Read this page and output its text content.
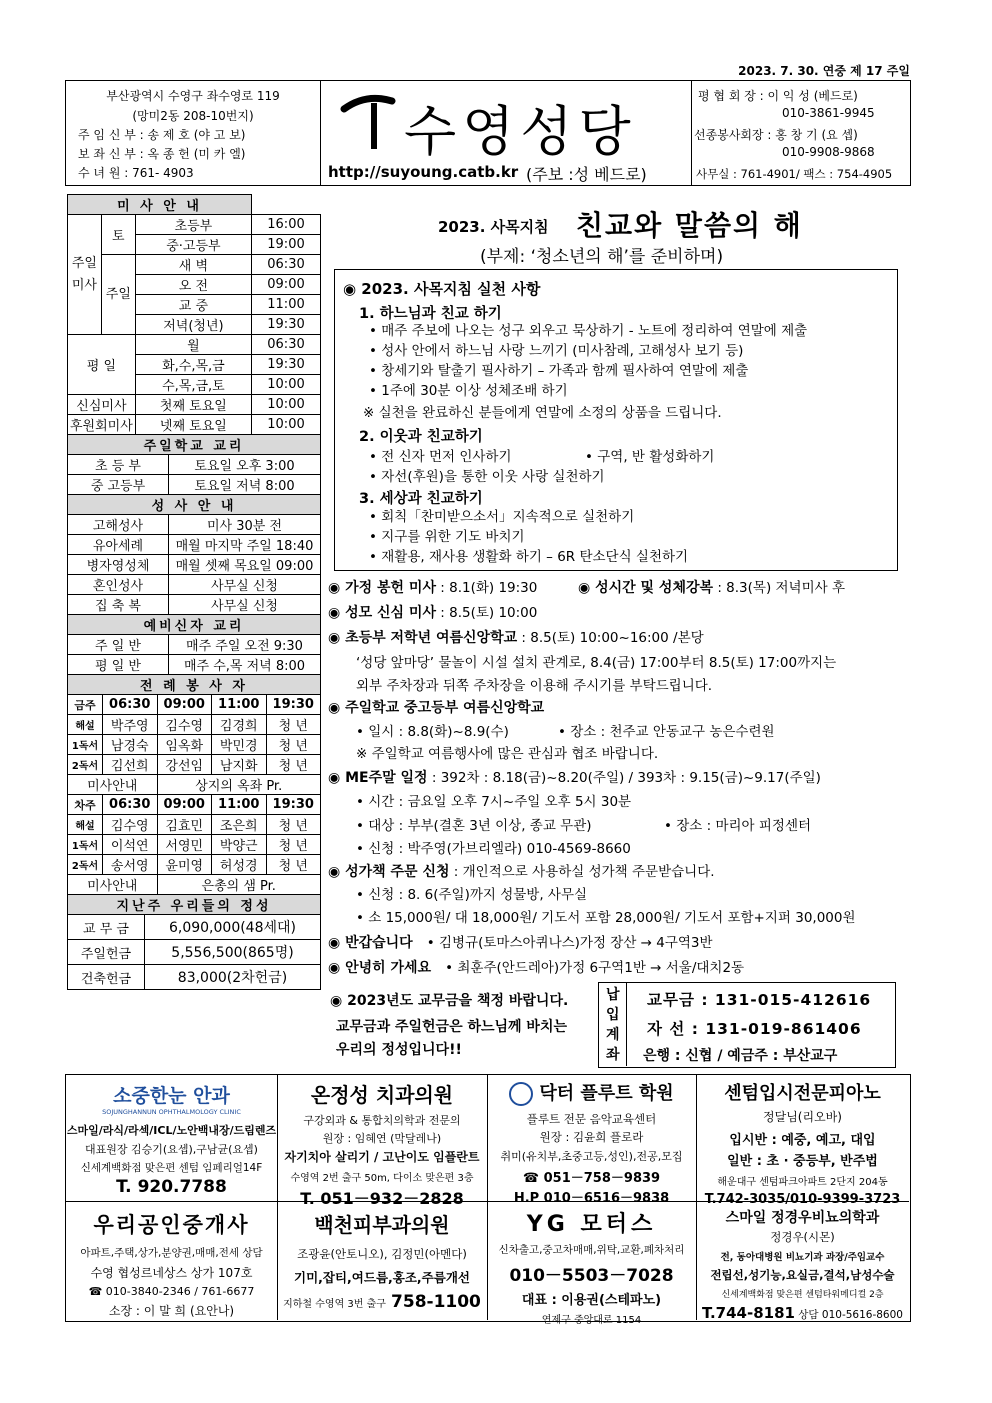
2023. 7. 30. 연중 제 17 주일
부산광역시 수영구 좌수영로 119
(망미2동 208-10번지)
주 임 신 부 : 송 제 호 (야 고 보)
보 좌 신 부 : 옥 종 헌 (미 카 엘)
수 녀 원 : 761- 4903
수영성당
http://suyoung.catb.kr (주보 :성 베드로)
평 협 회 장 : 이 익 성 (베드로)
010-3861-9945
선종봉사회장 : 홍 창 기 (요 셉)
010-9908-9868
사무실 : 761-4901/ 팩스 : 754-4905
미 사 안 내			
주일미사	토	초등부	16:00
		중·고등부	19:00
	주일	새 벽	06:30
		오 전	09:00
		교 중	11:00
		저녁(청년)	19:30
평 일		월	06:30
		화,수,목,금	19:30
		수,목,금,토	10:00
신심미사		첫째 토요일	10:00
후원회미사		넷째 토요일	10:00
주일학교 교리	
초 등 부	토요일 오후 3:00
중 고등부	토요일 저녁 8:00
성 사 안 내	
고해성사	미사 30분 전
유아세례	매월 마지막 주일 18:40
병자영성체	매월 셋째 목요일 09:00
혼인성사	사무실 신청
집 축 복	사무실 신청
예비신자 교리	
주 일 반	매주 주일 오전 9:30
평 일 반	매주 수,목 저녁 8:00
전 례 봉 사 자				
금주	06:30	09:00	11:00	19:30
해설	박주영	김수영	김경희	청 년
1독서	남경숙	임옥화	박민경	청 년
2독서	김선희	강선임	남지화	청 년
미사안내		상지의 옥좌 Pr.		
차주	06:30	09:00	11:00	19:30
해설	김수영	김효민	조은희	청 년
1독서	이석연	서영민	박양근	청 년
2독서	송서영	윤미영	허성경	청 년
미사안내		은총의 샘 Pr.		
지난주 우리들의 정성	
교 무 금	6,090,000(48세대)
주일헌금	5,556,500(865명)
건축헌금	83,000(2차헌금)
2023. 사목지침 친교와 말씀의 해
(부제: ‘청소년의 해’를 준비하며)
◉ 2023. 사목지침 실천 사항
1. 하느님과 친교 하기
• 매주 주보에 나오는 성구 외우고 묵상하기 - 노트에 정리하여 연말에 제출
• 성사 안에서 하느님 사랑 느끼기 (미사참례, 고해성사 보기 등)
• 창세기와 탈출기 필사하기 – 가족과 함께 필사하여 연말에 제출
• 1주에 30분 이상 성체조배 하기
※ 실천을 완료하신 분들에게 연말에 소정의 상품을 드립니다.
2. 이웃과 친교하기
• 전 신자 먼저 인사하기	• 구역, 반 활성화하기
• 자선(후원)을 통한 이웃 사랑 실천하기
3. 세상과 친교하기
• 회칙「찬미받으소서」지속적으로 실천하기
• 지구를 위한 기도 바치기
• 재활용, 재사용 생활화 하기 – 6R 탄소단식 실천하기
◉ 가정 봉헌 미사 : 8.1(화) 19:30	◉ 성시간 및 성체강복 : 8.3(목) 저녁미사 후
◉ 성모 신심 미사 : 8.5(토) 10:00
◉ 초등부 저학년 여름신앙학교 : 8.5(토) 10:00~16:00 /본당
‘성당 앞마당’ 물놀이 시설 설치 관계로, 8.4(금) 17:00부터 8.5(토) 17:00까지는
외부 주차장과 뒤쪽 주차장을 이용해 주시기를 부탁드립니다.
◉ 주일학교 중고등부 여름신앙학교
• 일시 : 8.8(화)~8.9(수)	• 장소 : 천주교 안동교구 농은수련원
※ 주일학교 여름행사에 많은 관심과 협조 바랍니다.
◉ ME주말 일정 : 392차 : 8.18(금)~8.20(주일) / 393차 : 9.15(금)~9.17(주일)
• 시간 : 금요일 오후 7시~주일 오후 5시 30분
• 대상 : 부부(결혼 3년 이상, 종교 무관)	• 장소 : 마리아 피정센터
• 신청 : 박주영(가브리엘라) 010-4569-8660
◉ 성가책 주문 신청 : 개인적으로 사용하실 성가책 주문받습니다.
• 신청 : 8. 6(주일)까지 성물방, 사무실
• 소 15,000원/ 대 18,000원/ 기도서 포함 28,000원/ 기도서 포함+지퍼 30,000원
◉ 반갑습니다 • 김병규(토마스아퀴나스)가정 장산 → 4구역3반
◉ 안녕히 가세요 • 최훈주(안드레아)가정 6구역1반 → 서울/대치2동
◉ 2023년도 교무금을 책정 바랍니다.
교무금과 주일헌금은 하느님께 바치는
우리의 정성입니다!!
납입계좌
교무금 : 131-015-412616
자 선 : 131-019-861406
은행 : 신협 / 예금주 : 부산교구
소중한눈 안과
SOJUNGHANNUN OPHTHALMOLOGY CLINIC
스마일/라식/라섹/ICL/노안백내장/드림렌즈
대표원장 김승기(요셉),구남균(요셉)
신세계백화점 맞은편 센텀 임페리얼14F
T. 920.7788
온정성 치과의원
구강외과 & 통합치의학과 전문의
원장 : 임혜연 (막달레나)
자기치아 살리기 / 고난이도 임플란트
수영역 2번 출구 50m, 다이소 맞은편 3층
T. 051－932－2828
닥터 플루트 학원
플루트 전문 음악교육센터
원장 : 김윤희 플로라
취미(유치부,초중고등,성인),전공,모집
☎ 051－758－9839
H.P 010－6516－9838
센텀입시전문피아노
정달님(리오바)
입시반 : 예중, 예고, 대입
일반 : 초 · 중등부, 반주법
해운대구 센텀파크아파트 2단지 204동
T.742-3035/010-9399-3723
우리공인중개사
아파트,주택,상가,분양권,매매,전세 상담
수영 협성르네상스 상가 107호
☎ 010-3840-2346 / 761-6677
소장 : 이 말 희 (요안나)
백천피부과의원
조광윤(안토니오), 김정민(아멘다)
기미,잡티,여드름,홍조,주름개선
지하철 수영역 3번 출구 758-1100
YG 모터스
신차출고,중고차매매,위탁,교환,폐차처리
010－5503－7028
대표 : 이용권(스테파노)
연제구 중앙대로 1154
스마일 정경우비뇨의학과
정경우(시몬)
전, 동아대병원 비뇨기과 과장/주임교수
전립선,성기능,요실금,결석,남성수술
신세계백화점 맞은편 센텀타워메디컬 2층
T.744-8181 상담 010-5616-8600
